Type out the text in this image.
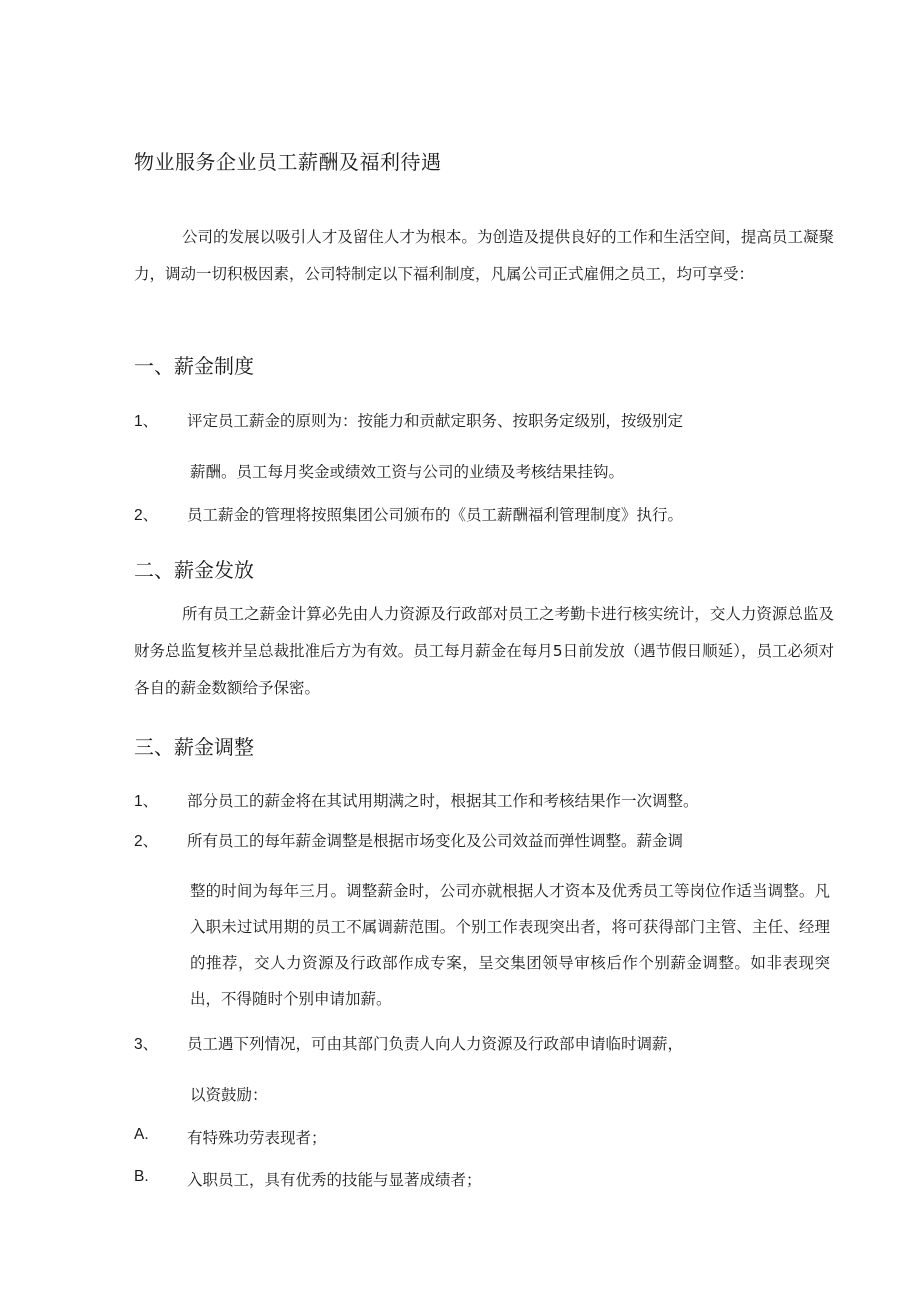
物业服务企业员工薪酬及福利待遇

公司的发展以吸引人才及留住人才为根本。为创造及提供良好的工作和生活空间，提高员工凝聚力，调动一切积极因素，公司特制定以下福利制度，凡属公司正式雇佣之员工，均可享受：

一、薪金制度
1、 评定员工薪金的原则为：按能力和贡献定职务、按职务定级别，按级别定
薪酬。员工每月奖金或绩效工资与公司的业绩及考核结果挂钩。
2、 员工薪金的管理将按照集团公司颁布的《员工薪酬福利管理制度》执行。
二、薪金发放

所有员工之薪金计算必先由人力资源及行政部对员工之考勤卡进行核实统计，交人力资源总监及财务总监复核并呈总裁批准后方为有效。员工每月薪金在每月5日前发放（遇节假日顺延），员工必须对各自的薪金数额给予保密。

三、薪金调整
1、 部分员工的薪金将在其试用期满之时，根据其工作和考核结果作一次调整。
2、 所有员工的每年薪金调整是根据市场变化及公司效益而弹性调整。薪金调

整的时间为每年三月。调整薪金时，公司亦就根据人才资本及优秀员工等岗位作适当调整。凡入职未过试用期的员工不属调薪范围。个别工作表现突出者，将可获得部门主管、主任、经理的推荐，交人力资源及行政部作成专案，呈交集团领导审核后作个别薪金调整。如非表现突出，不得随时个别申请加薪。

3、 员工遇下列情况，可由其部门负责人向人力资源及行政部申请临时调薪，
以资鼓励：
A. 有特殊功劳表现者；
B. 入职员工，具有优秀的技能与显著成绩者；
